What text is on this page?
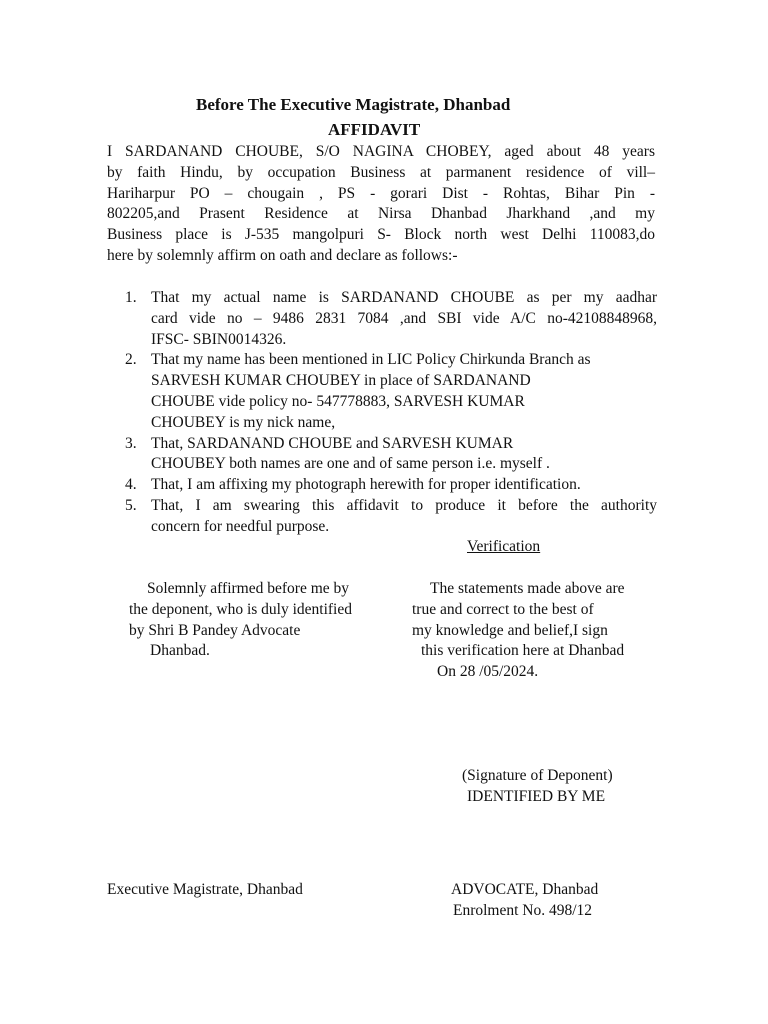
Before The Executive Magistrate, Dhanbad
AFFIDAVIT
I SARDANAND CHOUBE, S/O NAGINA CHOBEY, aged about 48 years
by faith Hindu, by occupation Business at parmanent residence of vill–
Hariharpur PO – chougain , PS - gorari Dist - Rohtas, Bihar Pin -
802205,and Prasent Residence at Nirsa Dhanbad Jharkhand ,and my
Business place is J-535 mangolpuri S- Block north west Delhi 110083,do
here by solemnly affirm on oath and declare as follows:-
1. That my actual name is SARDANAND CHOUBE as per my aadhar
card vide no – 9486 2831 7084 ,and SBI vide A/C no-42108848968,
IFSC- SBIN0014326.
2. That my name has been mentioned in LIC Policy Chirkunda Branch as
SARVESH KUMAR CHOUBEY in place of SARDANAND
CHOUBE vide policy no- 547778883, SARVESH KUMAR
CHOUBEY is my nick name,
3. That, SARDANAND CHOUBE and SARVESH KUMAR
CHOUBEY both names are one and of same person i.e. myself .
4. That, I am affixing my photograph herewith for proper identification.
5. That, I am swearing this affidavit to produce it before the authority
concern for needful purpose.
Verification
Solemnly affirmed before me by
the deponent, who is duly identified
by Shri B Pandey Advocate
Dhanbad.
The statements made above are
true and correct to the best of
my knowledge and belief,I sign
this verification here at Dhanbad
On 28 /05/2024.
(Signature of Deponent)
IDENTIFIED BY ME
Executive Magistrate, Dhanbad	ADVOCATE, Dhanbad
Enrolment No. 498/12
